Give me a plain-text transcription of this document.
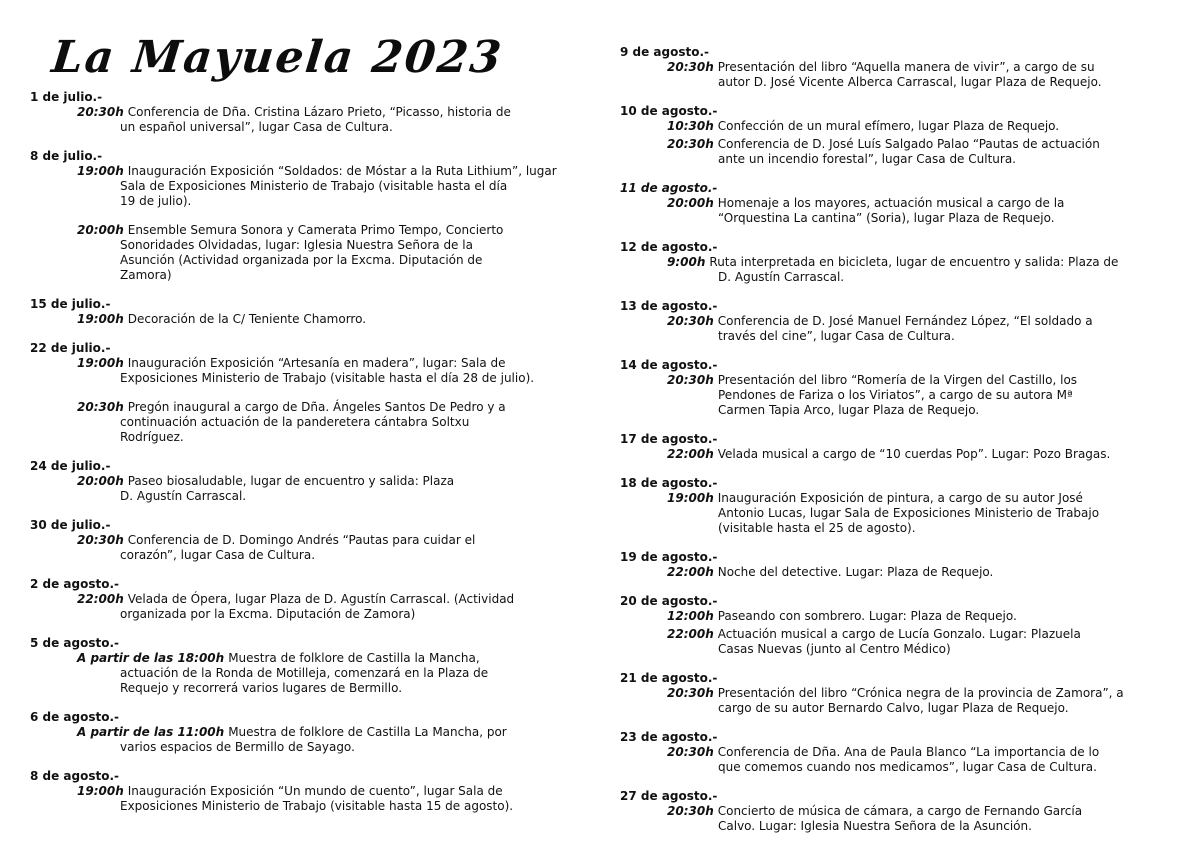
La Mayuela 2023
1 de julio.-
20:30h Conferencia de Dña. Cristina Lázaro Prieto, “Picasso, historia de
un español universal”, lugar Casa de Cultura.
8 de julio.-
19:00h Inauguración Exposición “Soldados: de Móstar a la Ruta Lithium”, lugar
Sala de Exposiciones Ministerio de Trabajo (visitable hasta el día
19 de julio).
20:00h Ensemble Semura Sonora y Camerata Primo Tempo, Concierto
Sonoridades Olvidadas, lugar: Iglesia Nuestra Señora de la
Asunción (Actividad organizada por la Excma. Diputación de
Zamora)
15 de julio.-
19:00h Decoración de la C/ Teniente Chamorro.
22 de julio.-
19:00h Inauguración Exposición “Artesanía en madera”, lugar: Sala de
Exposiciones Ministerio de Trabajo (visitable hasta el día 28 de julio).
20:30h Pregón inaugural a cargo de Dña. Ángeles Santos De Pedro y a
continuación actuación de la panderetera cántabra Soltxu
Rodríguez.
24 de julio.-
20:00h Paseo biosaludable, lugar de encuentro y salida: Plaza
D. Agustín Carrascal.
30 de julio.-
20:30h Conferencia de D. Domingo Andrés “Pautas para cuidar el
corazón”, lugar Casa de Cultura.
2 de agosto.-
22:00h Velada de Ópera, lugar Plaza de D. Agustín Carrascal. (Actividad
organizada por la Excma. Diputación de Zamora)
5 de agosto.-
A partir de las 18:00h Muestra de folklore de Castilla la Mancha,
actuación de la Ronda de Motilleja, comenzará en la Plaza de
Requejo y recorrerá varios lugares de Bermillo.
6 de agosto.-
A partir de las 11:00h Muestra de folklore de Castilla La Mancha, por
varios espacios de Bermillo de Sayago.
8 de agosto.-
19:00h Inauguración Exposición “Un mundo de cuento”, lugar Sala de
Exposiciones Ministerio de Trabajo (visitable hasta 15 de agosto).
9 de agosto.-
20:30h Presentación del libro “Aquella manera de vivir”, a cargo de su
autor D. José Vicente Alberca Carrascal, lugar Plaza de Requejo.
10 de agosto.-
10:30h Confección de un mural efímero, lugar Plaza de Requejo.
20:30h Conferencia de D. José Luís Salgado Palao “Pautas de actuación
ante un incendio forestal”, lugar Casa de Cultura.
11 de agosto.-
20:00h Homenaje a los mayores, actuación musical a cargo de la
“Orquestina La cantina” (Soria), lugar Plaza de Requejo.
12 de agosto.-
9:00h Ruta interpretada en bicicleta, lugar de encuentro y salida: Plaza de
D. Agustín Carrascal.
13 de agosto.-
20:30h Conferencia de D. José Manuel Fernández López, “El soldado a
través del cine”, lugar Casa de Cultura.
14 de agosto.-
20:30h Presentación del libro “Romería de la Virgen del Castillo, los
Pendones de Fariza o los Viriatos”, a cargo de su autora Mª
Carmen Tapia Arco, lugar Plaza de Requejo.
17 de agosto.-
22:00h Velada musical a cargo de “10 cuerdas Pop”. Lugar: Pozo Bragas.
18 de agosto.-
19:00h Inauguración Exposición de pintura, a cargo de su autor José
Antonio Lucas, lugar Sala de Exposiciones Ministerio de Trabajo
(visitable hasta el 25 de agosto).
19 de agosto.-
22:00h Noche del detective. Lugar: Plaza de Requejo.
20 de agosto.-
12:00h Paseando con sombrero. Lugar: Plaza de Requejo.
22:00h Actuación musical a cargo de Lucía Gonzalo. Lugar: Plazuela
Casas Nuevas (junto al Centro Médico)
21 de agosto.-
20:30h Presentación del libro “Crónica negra de la provincia de Zamora”, a
cargo de su autor Bernardo Calvo, lugar Plaza de Requejo.
23 de agosto.-
20:30h Conferencia de Dña. Ana de Paula Blanco “La importancia de lo
que comemos cuando nos medicamos”, lugar Casa de Cultura.
27 de agosto.-
20:30h Concierto de música de cámara, a cargo de Fernando García
Calvo. Lugar: Iglesia Nuestra Señora de la Asunción.
